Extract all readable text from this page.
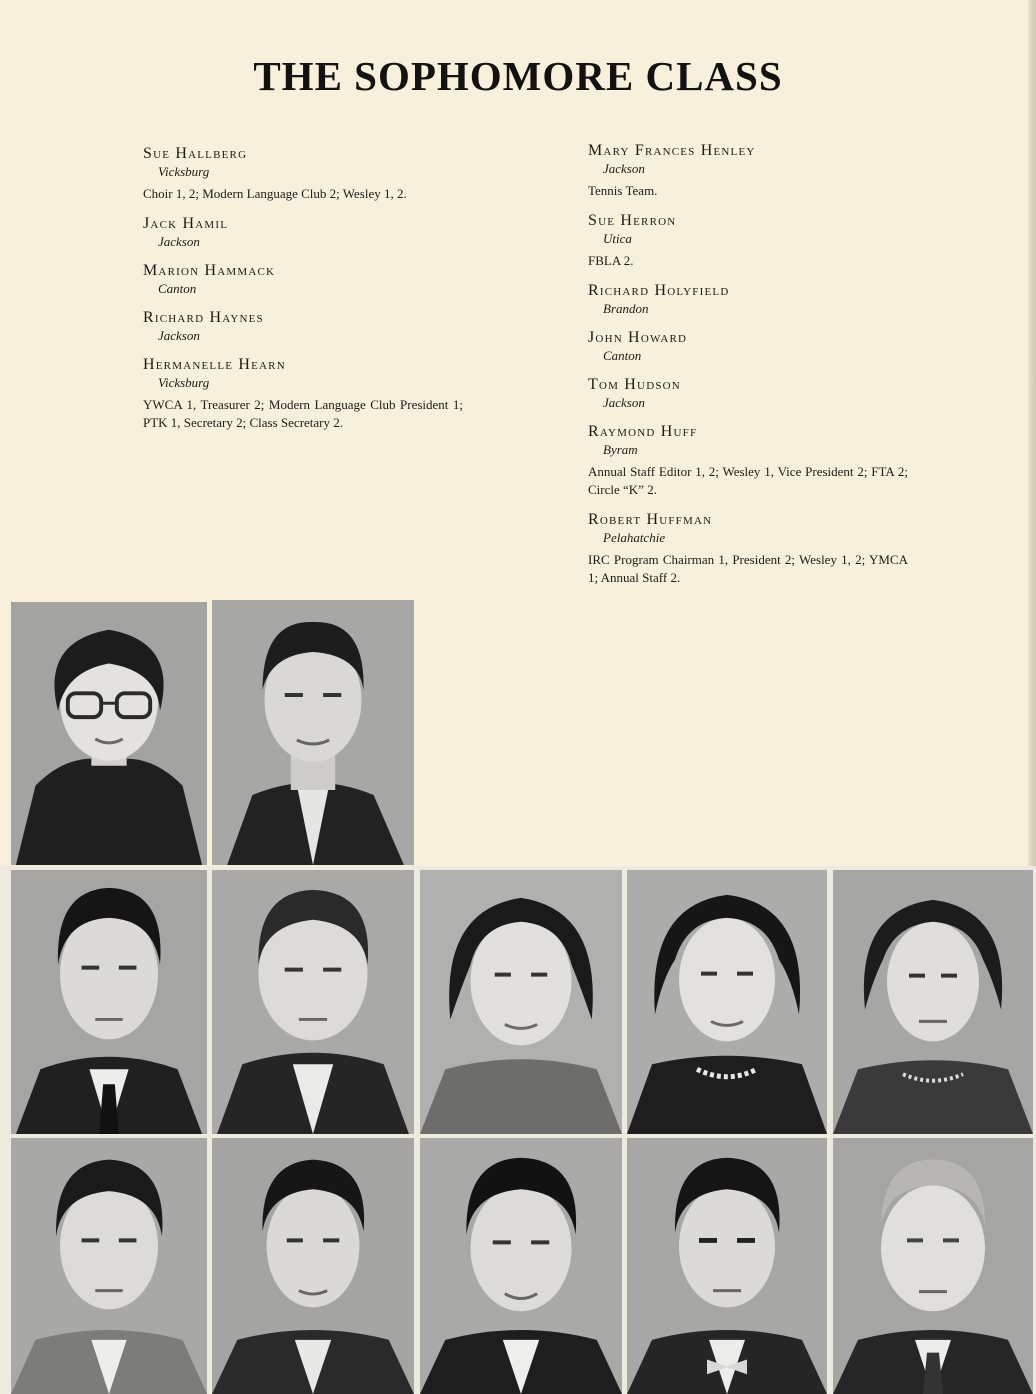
THE SOPHOMORE CLASS
Sue Hallberg
Vicksburg
Choir 1, 2; Modern Language Club 2; Wesley 1, 2.
Jack Hamil
Jackson
Marion Hammack
Canton
Richard Haynes
Jackson
Hermanelle Hearn
Vicksburg
YWCA 1, Treasurer 2; Modern Language Club President 1; PTK 1, Secretary 2; Class Secretary 2.
Mary Frances Henley
Jackson
Tennis Team.
Sue Herron
Utica
FBLA 2.
Richard Holyfield
Brandon
John Howard
Canton
Tom Hudson
Jackson
Raymond Huff
Byram
Annual Staff Editor 1, 2; Wesley 1, Vice President 2; FTA 2; Circle “K” 2.
Robert Huffman
Pelahatchie
IRC Program Chairman 1, President 2; Wesley 1, 2; YMCA 1; Annual Staff 2.
